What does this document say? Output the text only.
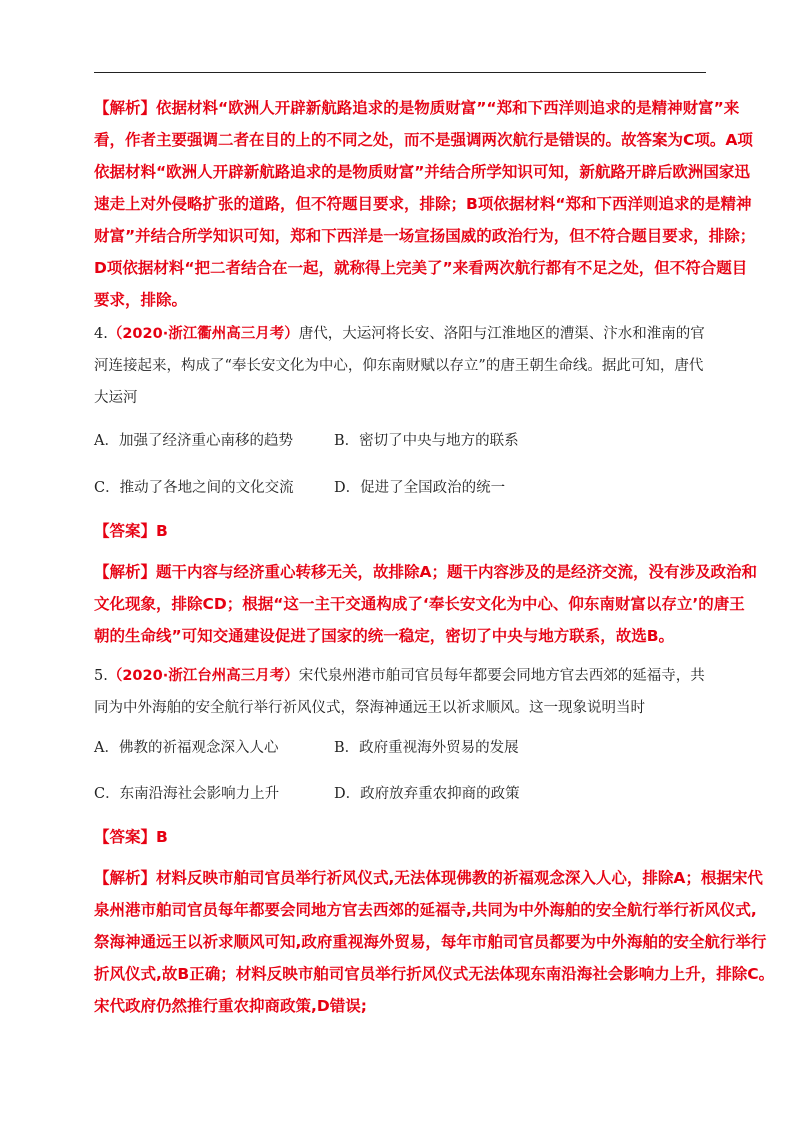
【解析】依据材料“欧洲人开辟新航路追求的是物质财富”“郑和下西洋则追求的是精神财富”来
看，作者主要强调二者在目的上的不同之处，而不是强调两次航行是错误的。故答案为C项。A项
依据材料“欧洲人开辟新航路追求的是物质财富”并结合所学知识可知，新航路开辟后欧洲国家迅
速走上对外侵略扩张的道路，但不符题目要求，排除；B项依据材料“郑和下西洋则追求的是精神
财富”并结合所学知识可知，郑和下西洋是一场宣扬国威的政治行为，但不符合题目要求，排除；
D项依据材料“把二者结合在一起，就称得上完美了”来看两次航行都有不足之处，但不符合题目
要求，排除。
4.（2020·浙江衢州高三月考）唐代，大运河将长安、洛阳与江淮地区的漕渠、汴水和淮南的官
河连接起来，构成了“奉长安文化为中心，仰东南财赋以存立”的唐王朝生命线。据此可知，唐代
大运河
A．加强了经济重心南移的趋势	B．密切了中央与地方的联系
C．推动了各地之间的文化交流	D．促进了全国政治的统一
【答案】B
【解析】题干内容与经济重心转移无关，故排除A；题干内容涉及的是经济交流，没有涉及政治和
文化现象，排除CD；根据“这一主干交通构成了‘奉长安文化为中心、仰东南财富以存立’的唐王
朝的生命线”可知交通建设促进了国家的统一稳定，密切了中央与地方联系，故选B。
5.（2020·浙江台州高三月考）宋代泉州港市舶司官员每年都要会同地方官去西郊的延福寺，共
同为中外海舶的安全航行举行祈风仪式，祭海神通远王以祈求顺风。这一现象说明当时
A．佛教的祈福观念深入人心	B．政府重视海外贸易的发展
C．东南沿海社会影响力上升	D．政府放弃重农抑商的政策
【答案】B
【解析】材料反映市舶司官员举行祈风仪式,无法体现佛教的祈福观念深入人心，排除A；根据宋代
泉州港市舶司官员每年都要会同地方官去西郊的延福寺,共同为中外海舶的安全航行举行祈风仪式,
祭海神通远王以祈求顺风可知,政府重视海外贸易，每年市舶司官员都要为中外海舶的安全航行举行
折风仪式,故B正确；材料反映市舶司官员举行折风仪式无法体现东南沿海社会影响力上升，排除C。
宋代政府仍然推行重农抑商政策,D错误;
